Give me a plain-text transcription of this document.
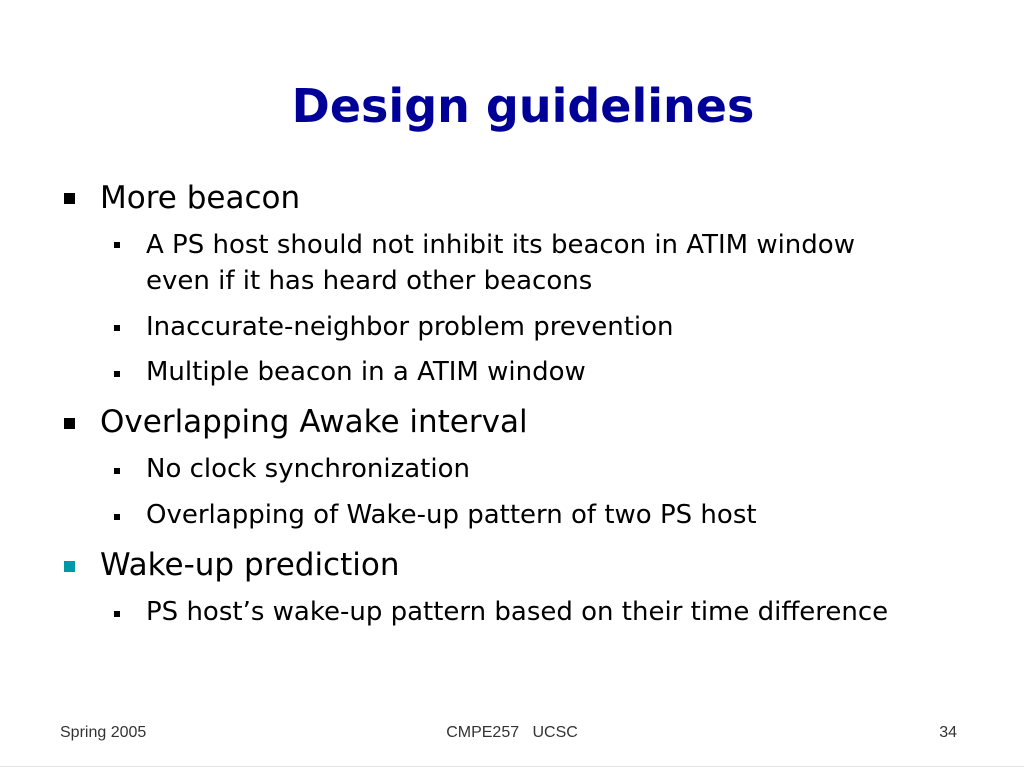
Design guidelines
More beacon
A PS host should not inhibit its beacon in ATIM window even if it has heard other beacons
Inaccurate-neighbor problem prevention
Multiple beacon in a ATIM window
Overlapping Awake interval
No clock synchronization
Overlapping of Wake-up pattern of two PS host
Wake-up prediction
PS host’s wake-up pattern based on their time difference
Spring 2005	CMPE257   UCSC	34
